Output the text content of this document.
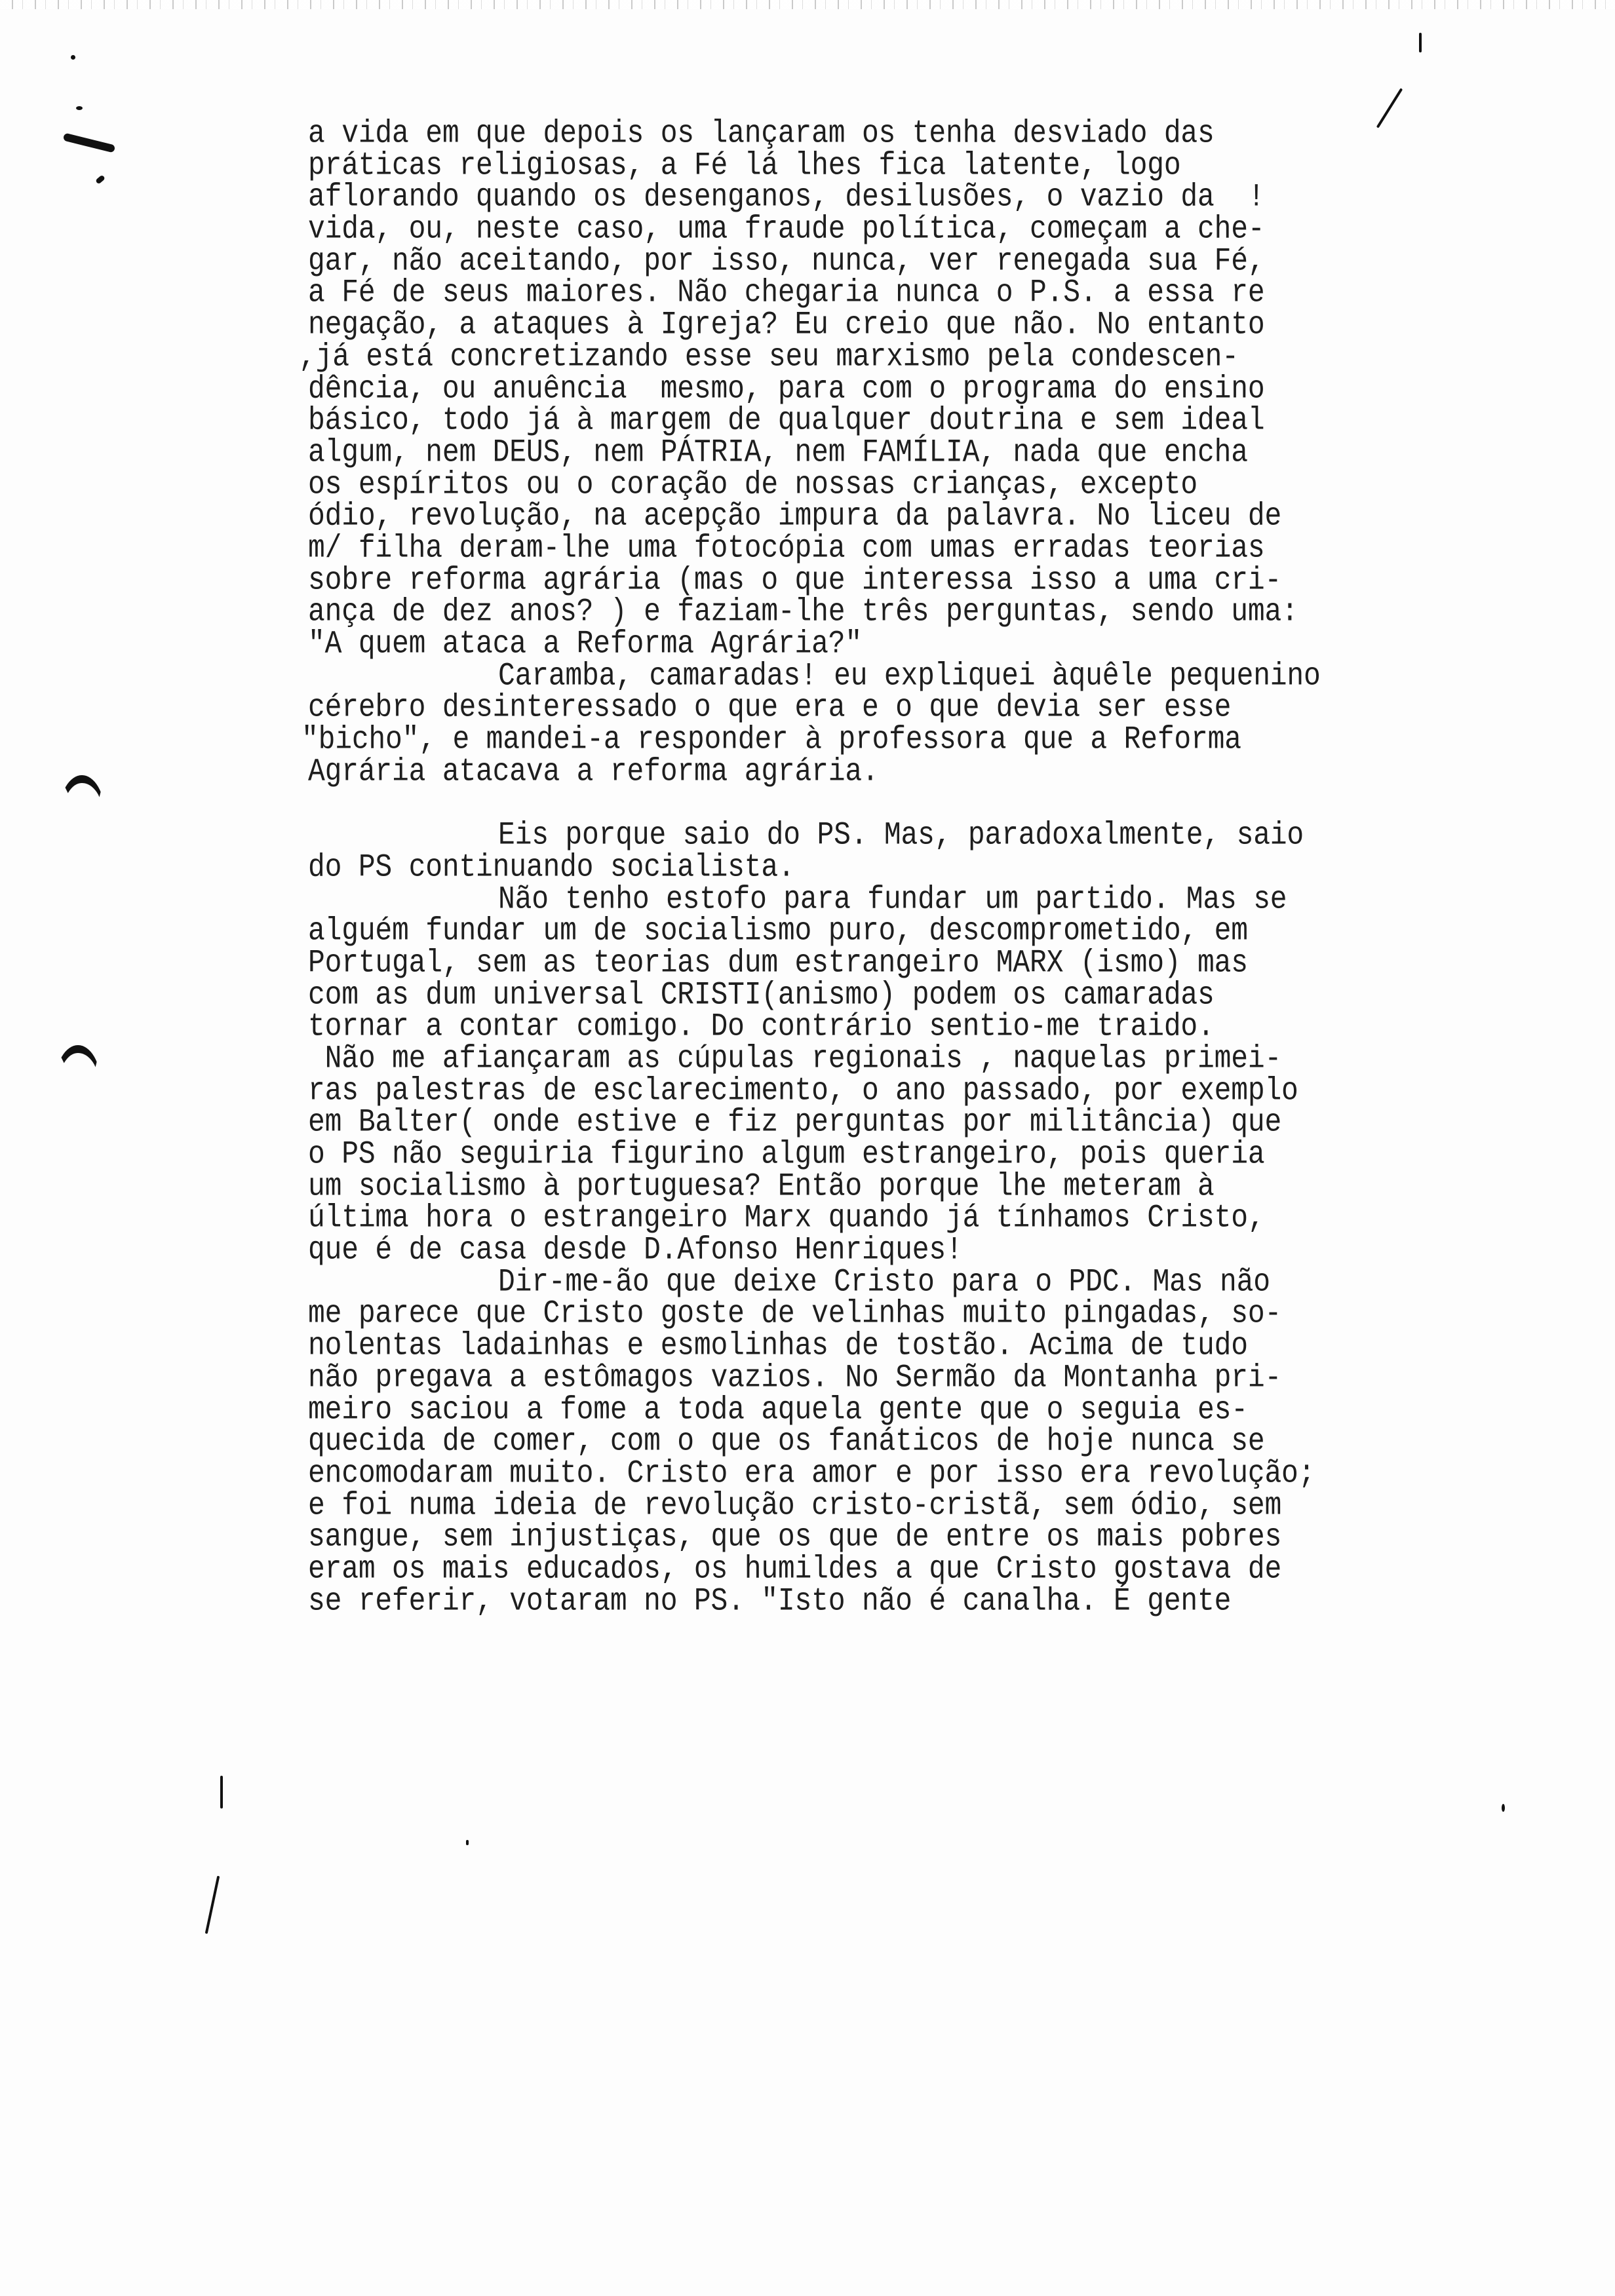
a vida em que depois os lançaram os tenha desviado das
práticas religiosas, a Fé lá lhes fica latente, logo
aflorando quando os desenganos, desilusões, o vazio da  !
vida, ou, neste caso, uma fraude política, começam a che-
gar, não aceitando, por isso, nunca, ver renegada sua Fé,
a Fé de seus maiores. Não chegaria nunca o P.S. a essa re
negação, a ataques à Igreja? Eu creio que não. No entanto
,já está concretizando esse seu marxismo pela condescen-
dência, ou anuência  mesmo, para com o programa do ensino
básico, todo já à margem de qualquer doutrina e sem ideal
algum, nem DEUS, nem PÁTRIA, nem FAMÍLIA, nada que encha
os espíritos ou o coração de nossas crianças, excepto
ódio, revolução, na acepção impura da palavra. No liceu de
m/ filha deram-lhe uma fotocópia com umas erradas teorias
sobre reforma agrária (mas o que interessa isso a uma cri-
ança de dez anos? ) e faziam-lhe três perguntas, sendo uma:
"A quem ataca a Reforma Agrária?"
Caramba, camaradas! eu expliquei àquêle pequenino
cérebro desinteressado o que era e o que devia ser esse
"bicho", e mandei-a responder à professora que a Reforma
Agrária atacava a reforma agrária.
Eis porque saio do PS. Mas, paradoxalmente, saio
do PS continuando socialista.
Não tenho estofo para fundar um partido. Mas se
alguém fundar um de socialismo puro, descomprometido, em
Portugal, sem as teorias dum estrangeiro MARX (ismo) mas
com as dum universal CRISTI(anismo) podem os camaradas
tornar a contar comigo. Do contrário sentio-me traido.
Não me afiançaram as cúpulas regionais , naquelas primei-
ras palestras de esclarecimento, o ano passado, por exemplo
em Balter( onde estive e fiz perguntas por militância) que
o PS não seguiria figurino algum estrangeiro, pois queria
um socialismo à portuguesa? Então porque lhe meteram à
última hora o estrangeiro Marx quando já tínhamos Cristo,
que é de casa desde D.Afonso Henriques!
Dir-me-ão que deixe Cristo para o PDC. Mas não
me parece que Cristo goste de velinhas muito pingadas, so-
nolentas ladainhas e esmolinhas de tostão. Acima de tudo
não pregava a estômagos vazios. No Sermão da Montanha pri-
meiro saciou a fome a toda aquela gente que o seguia es-
quecida de comer, com o que os fanáticos de hoje nunca se
encomodaram muito. Cristo era amor e por isso era revolução;
e foi numa ideia de revolução cristo-cristã, sem ódio, sem
sangue, sem injustiças, que os que de entre os mais pobres
eram os mais educados, os humildes a que Cristo gostava de
se referir, votaram no PS. "Isto não é canalha. É gente
